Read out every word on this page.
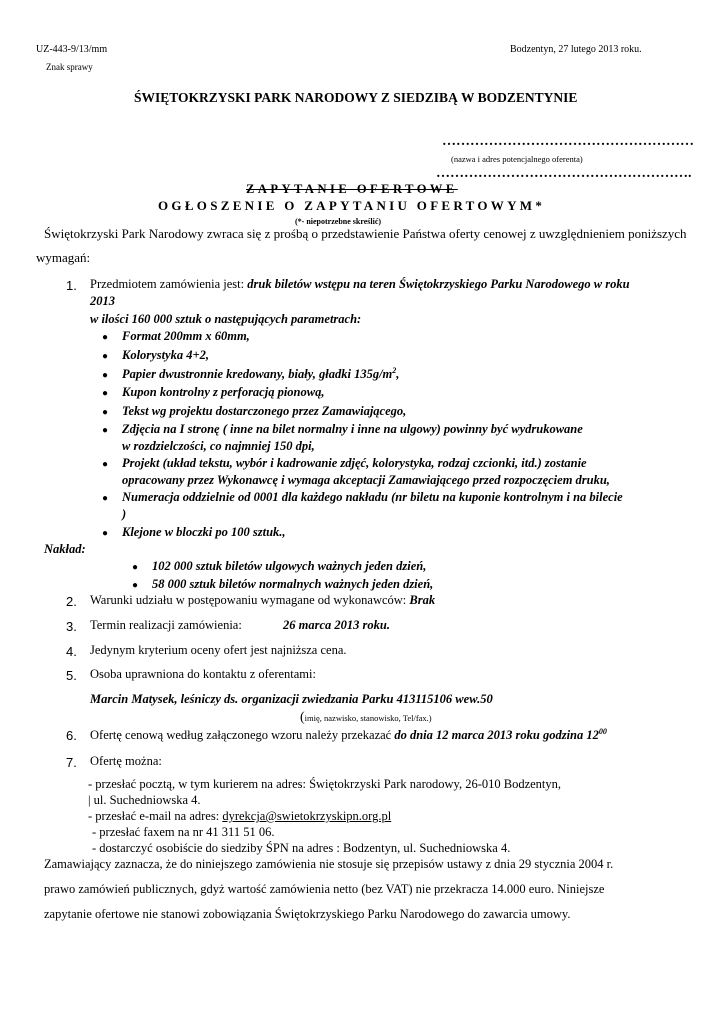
UZ-443-9/13/mm
Znak sprawy
Bodzentyn, 27 lutego 2013 roku.
ŚWIĘTOKRZYSKI PARK NARODOWY Z SIEDZIBĄ W BODZENTYNIE
………………………………………………
(nazwa i adres potencjalnego oferenta)
……………………………………………….
ZAPYTANIE OFERTOWE
OGŁOSZENIE O ZAPYTANIU OFERTOWYM*
(*- niepotrzebne skreślić)
Świętokrzyski Park Narodowy zwraca się z prośbą o przedstawienie Państwa oferty cenowej z uwzględnieniem poniższych
wymagań:
1. Przedmiotem zamówienia jest: druk biletów wstępu na teren Świętokrzyskiego Parku Narodowego w roku
2013
w ilości 160 000 sztuk o następujących parametrach:
● Format 200mm x 60mm,
● Kolorystyka 4+2,
● Papier dwustronnie kredowany, biały, gładki $135g/m^2$,
● Kupon kontrolny z perforacją pionową,
● Tekst wg projektu dostarczonego przez Zamawiającego,
● Zdjęcia na I stronę ( inne na bilet normalny i inne na ulgowy) powinny być wydrukowane
w rozdzielczości, co najmniej 150 dpi,
● Projekt (układ tekstu, wybór i kadrowanie zdjęć, kolorystyka, rodzaj czcionki, itd.) zostanie
opracowany przez Wykonawcę i wymaga akceptacji Zamawiającego przed rozpoczęciem druku,
● Numeracja oddzielnie od 0001 dla każdego nakładu (nr biletu na kuponie kontrolnym i na bilecie
)
● Klejone w bloczki po 100 sztuk.,
Nakład:
● 102 000 sztuk biletów ulgowych ważnych jeden dzień,
● 58 000 sztuk biletów normalnych ważnych jeden dzień,
2. Warunki udziału w postępowaniu wymagane od wykonawców: Brak
3. Termin realizacji zamówienia:	26 marca 2013 roku.
4. Jedynym kryterium oceny ofert jest najniższa cena.
5. Osoba uprawniona do kontaktu z oferentami:
Marcin Matysek, leśniczy ds. organizacji zwiedzania Parku 413115106 wew.50
(imię, nazwisko, stanowisko, Tel/fax.)
6. Ofertę cenową według załączonego wzoru należy przekazać do dnia 12 marca 2013 roku godzina $12^{00}$
7. Ofertę można:
- przesłać pocztą, w tym kurierem na adres: Świętokrzyski Park narodowy, 26-010 Bodzentyn,
| ul. Suchedniowska 4.
- przesłać e-mail na adres: dyrekcja@swietokrzyskipn.org.pl
- przesłać faxem na nr 41 311 51 06.
- dostarczyć osobiście do siedziby ŚPN na adres : Bodzentyn, ul. Suchedniowska 4.
Zamawiający zaznacza, że do niniejszego zamówienia nie stosuje się przepisów ustawy z dnia 29 stycznia 2004 r.
prawo zamówień publicznych, gdyż wartość zamówienia netto (bez VAT) nie przekracza 14.000 euro. Niniejsze
zapytanie ofertowe nie stanowi zobowiązania Świętokrzyskiego Parku Narodowego do zawarcia umowy.
